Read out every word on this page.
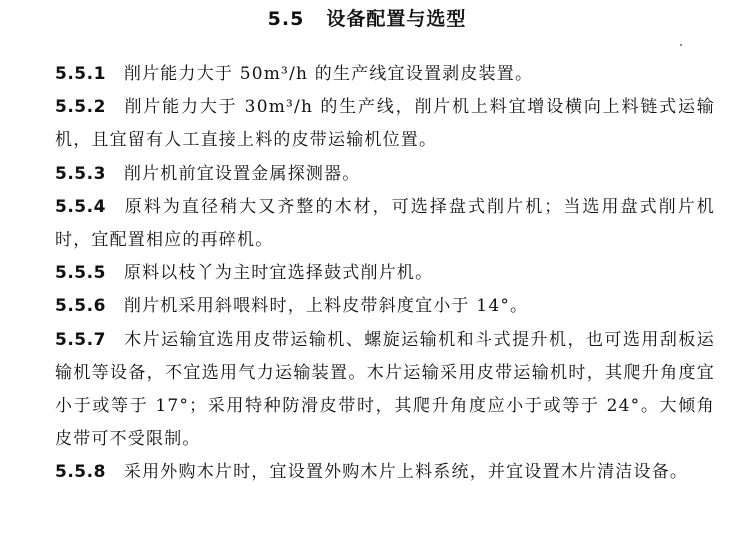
5.5 设备配置与选型
5.5.1 削片能力大于 50m³/h 的生产线宜设置剥皮装置。
5.5.2 削片能力大于 30m³/h 的生产线，削片机上料宜增设横向上料链式运输机，且宜留有人工直接上料的皮带运输机位置。
5.5.3 削片机前宜设置金属探测器。
5.5.4 原料为直径稍大又齐整的木材，可选择盘式削片机；当选用盘式削片机时，宜配置相应的再碎机。
5.5.5 原料以枝丫为主时宜选择鼓式削片机。
5.5.6 削片机采用斜喂料时，上料皮带斜度宜小于 14°。
5.5.7 木片运输宜选用皮带运输机、螺旋运输机和斗式提升机，也可选用刮板运输机等设备，不宜选用气力运输装置。木片运输采用皮带运输机时，其爬升角度宜小于或等于 17°；采用特种防滑皮带时，其爬升角度应小于或等于 24°。大倾角皮带可不受限制。
5.5.8 采用外购木片时，宜设置外购木片上料系统，并宜设置木片清洁设备。
